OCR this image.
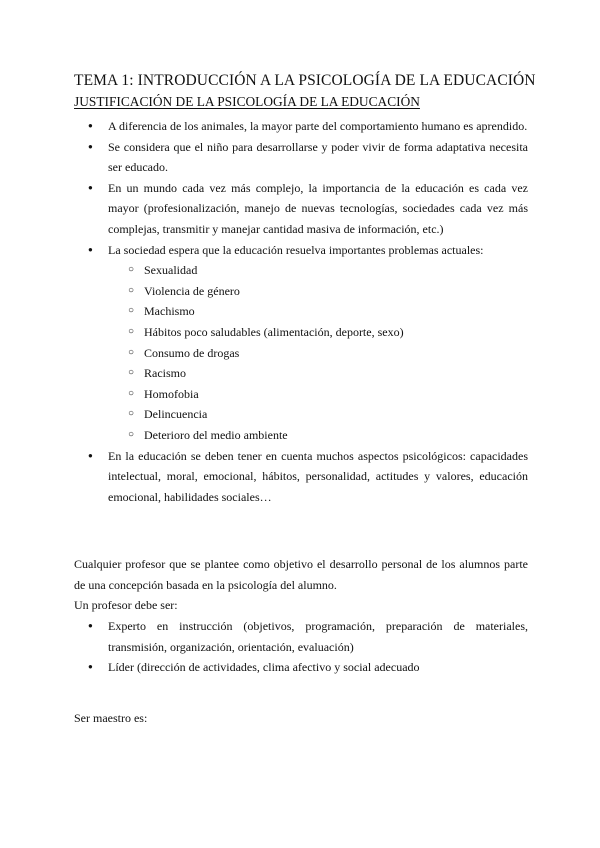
TEMA 1: INTRODUCCIÓN A LA PSICOLOGÍA DE LA EDUCACIÓN
JUSTIFICACIÓN DE LA PSICOLOGÍA DE LA EDUCACIÓN
● A diferencia de los animales, la mayor parte del comportamiento humano es aprendido.
● Se considera que el niño para desarrollarse y poder vivir de forma adaptativa necesita ser educado.
● En un mundo cada vez más complejo, la importancia de la educación es cada vez mayor (profesionalización, manejo de nuevas tecnologías, sociedades cada vez más complejas, transmitir y manejar cantidad masiva de información, etc.)
● La sociedad espera que la educación resuelva importantes problemas actuales:
○ Sexualidad
○ Violencia de género
○ Machismo
○ Hábitos poco saludables (alimentación, deporte, sexo)
○ Consumo de drogas
○ Racismo
○ Homofobia
○ Delincuencia
○ Deterioro del medio ambiente
● En la educación se deben tener en cuenta muchos aspectos psicológicos: capacidades intelectual, moral, emocional, hábitos, personalidad, actitudes y valores, educación emocional, habilidades sociales…

Cualquier profesor que se plantee como objetivo el desarrollo personal de los alumnos parte de una concepción basada en la psicología del alumno.

Un profesor debe ser:

● Experto en instrucción (objetivos, programación, preparación de materiales, transmisión, organización, orientación, evaluación)
● Líder (dirección de actividades, clima afectivo y social adecuado

Ser maestro es:
